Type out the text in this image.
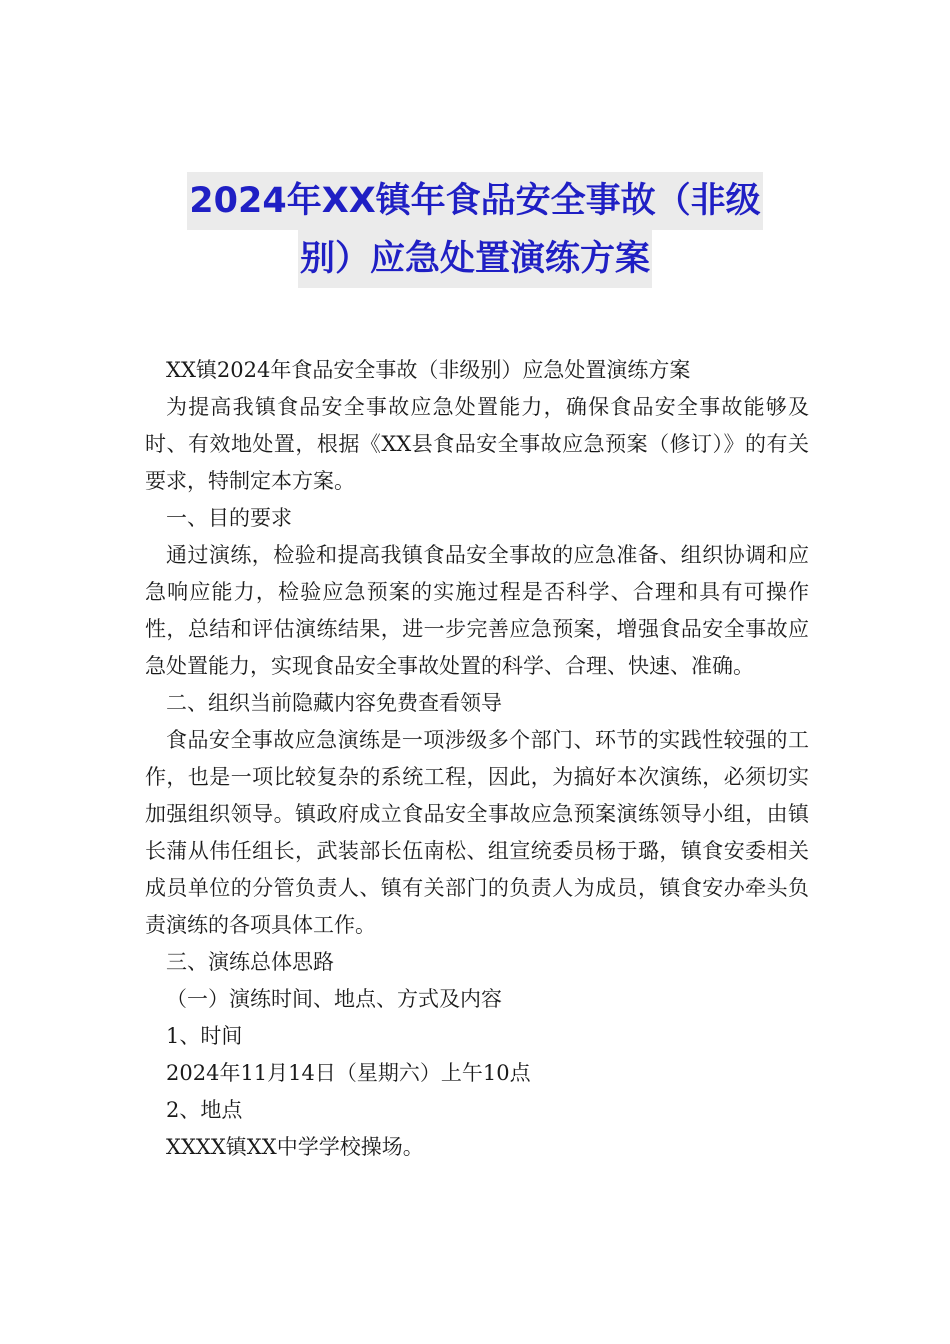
2024年XX镇年食品安全事故（非级
别）应急处置演练方案

XX镇2024年食品安全事故（非级别）应急处置演练方案

为提高我镇食品安全事故应急处置能力，确保食品安全事故能够及时、有效地处置，根据《XX县食品安全事故应急预案（修订）》的有关要求，特制定本方案。

一、目的要求

通过演练，检验和提高我镇食品安全事故的应急准备、组织协调和应急响应能力，检验应急预案的实施过程是否科学、合理和具有可操作性，总结和评估演练结果，进一步完善应急预案，增强食品安全事故应急处置能力，实现食品安全事故处置的科学、合理、快速、准确。

二、组织当前隐藏内容免费查看领导

食品安全事故应急演练是一项涉级多个部门、环节的实践性较强的工作，也是一项比较复杂的系统工程，因此，为搞好本次演练，必须切实加强组织领导。镇政府成立食品安全事故应急预案演练领导小组，由镇长蒲从伟任组长，武装部长伍南松、组宣统委员杨于璐，镇食安委相关成员单位的分管负责人、镇有关部门的负责人为成员，镇食安办牵头负责演练的各项具体工作。

三、演练总体思路

（一）演练时间、地点、方式及内容

1、时间

2024年11月14日（星期六）上午10点

2、地点

XXXX镇XX中学学校操场。
